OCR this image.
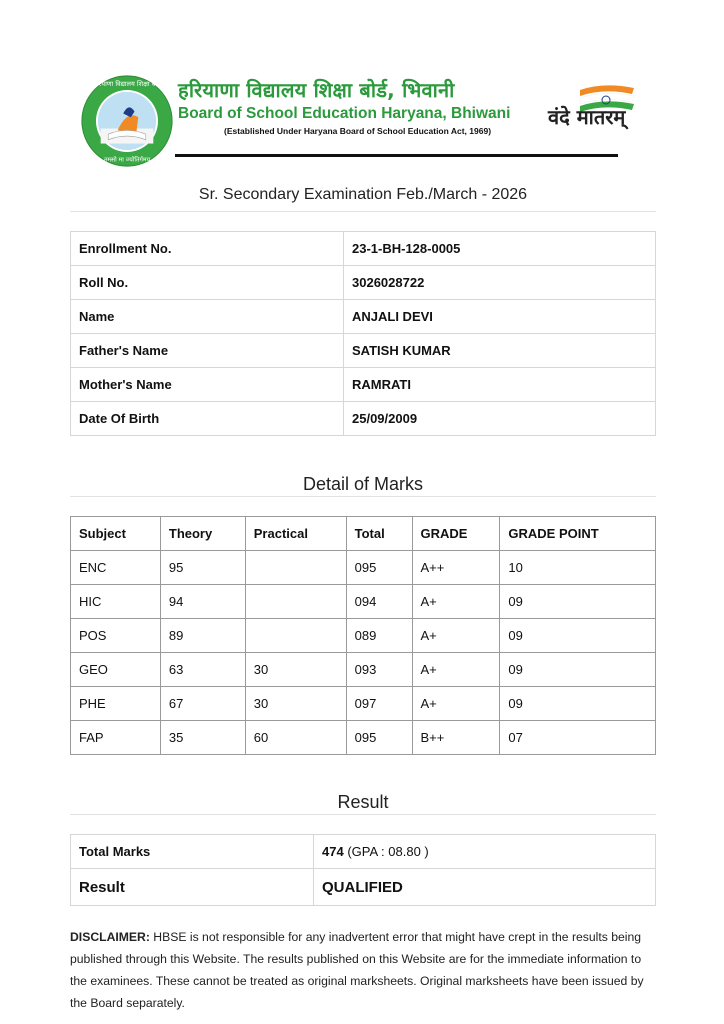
हरियाणा विद्यालय शिक्षा बोर्ड
तमसो मा ज्योतिर्गमय
हरियाणा विद्यालय शिक्षा बोर्ड, भिवानी
Board of School Education Haryana, Bhiwani
(Established Under Haryana Board of School Education Act, 1969)
वंदे मातरम्
Sr. Secondary Examination Feb./March - 2026
Enrollment No.	23-1-BH-128-0005
Roll No.	3026028722
Name	ANJALI DEVI
Father's Name	SATISH KUMAR
Mother's Name	RAMRATI
Date Of Birth	25/09/2009
Detail of Marks
Subject	Theory	Practical	Total	GRADE	GRADE POINT
ENC	95		095	A++	10
HIC	94		094	A+	09
POS	89		089	A+	09
GEO	63	30	093	A+	09
PHE	67	30	097	A+	09
FAP	35	60	095	B++	07
Result
Total Marks	474 (GPA : 08.80 )
Result	QUALIFIED
DISCLAIMER: HBSE is not responsible for any inadvertent error that might have crept in the results being published through this Website. The results published on this Website are for the immediate information to the examinees. These cannot be treated as original marksheets. Original marksheets have been issued by the Board separately.
